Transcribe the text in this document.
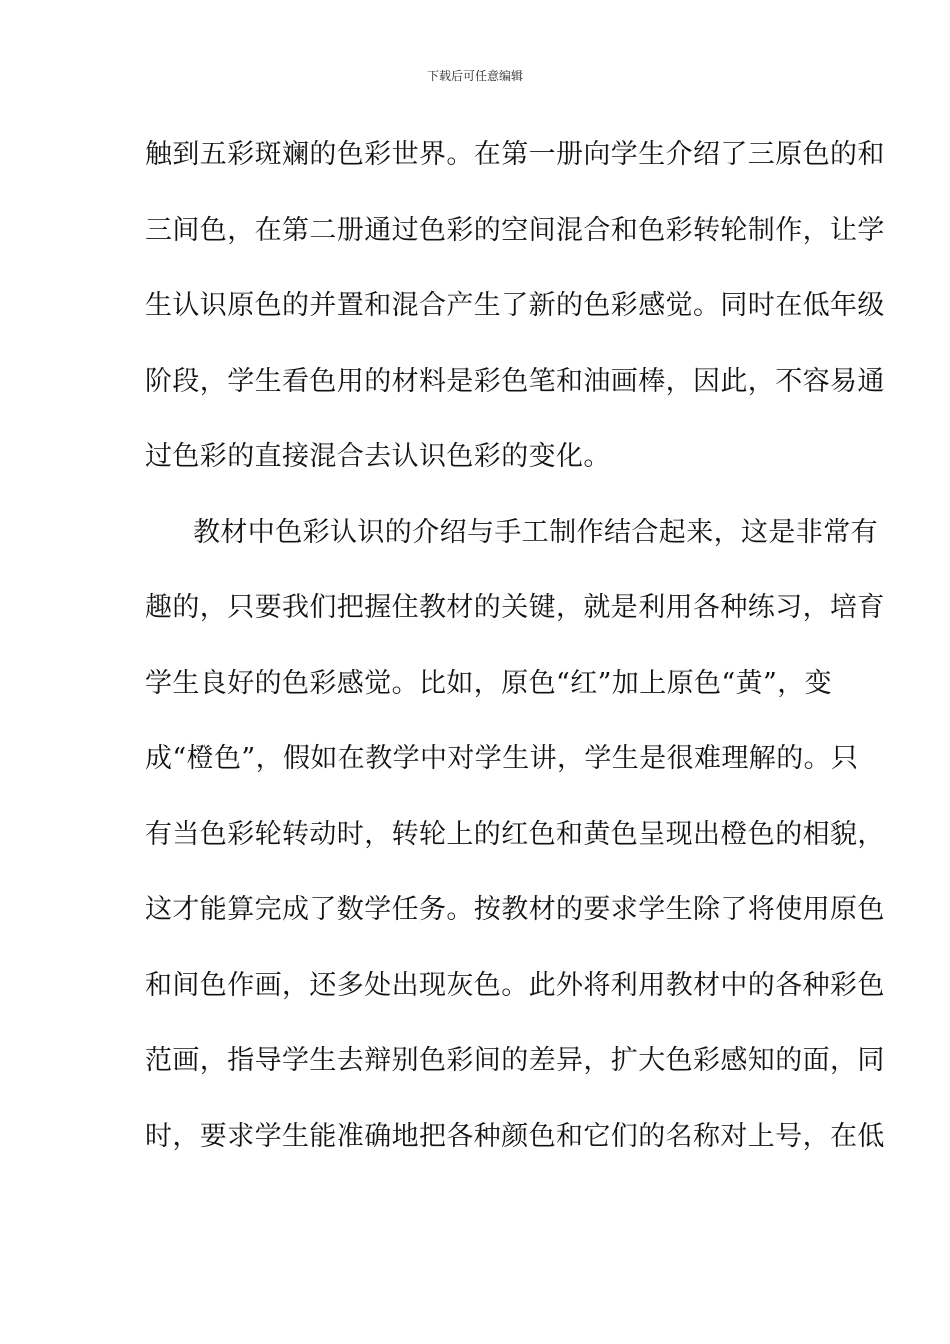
下载后可任意编辑
触到五彩斑斓的色彩世界。在第一册向学生介绍了三原色的和
三间色，在第二册通过色彩的空间混合和色彩转轮制作，让学
生认识原色的并置和混合产生了新的色彩感觉。同时在低年级
阶段，学生看色用的材料是彩色笔和油画棒，因此，不容易通
过色彩的直接混合去认识色彩的变化。
教材中色彩认识的介绍与手工制作结合起来，这是非常有
趣的，只要我们把握住教材的关键，就是利用各种练习，培育
学生良好的色彩感觉。比如，原色“红”加上原色“黄”，变
成“橙色”，假如在教学中对学生讲，学生是很难理解的。只
有当色彩轮转动时，转轮上的红色和黄色呈现出橙色的相貌，
这才能算完成了数学任务。按教材的要求学生除了将使用原色
和间色作画，还多处出现灰色。此外将利用教材中的各种彩色
范画，指导学生去辩别色彩间的差异，扩大色彩感知的面，同
时，要求学生能准确地把各种颜色和它们的名称对上号，在低
